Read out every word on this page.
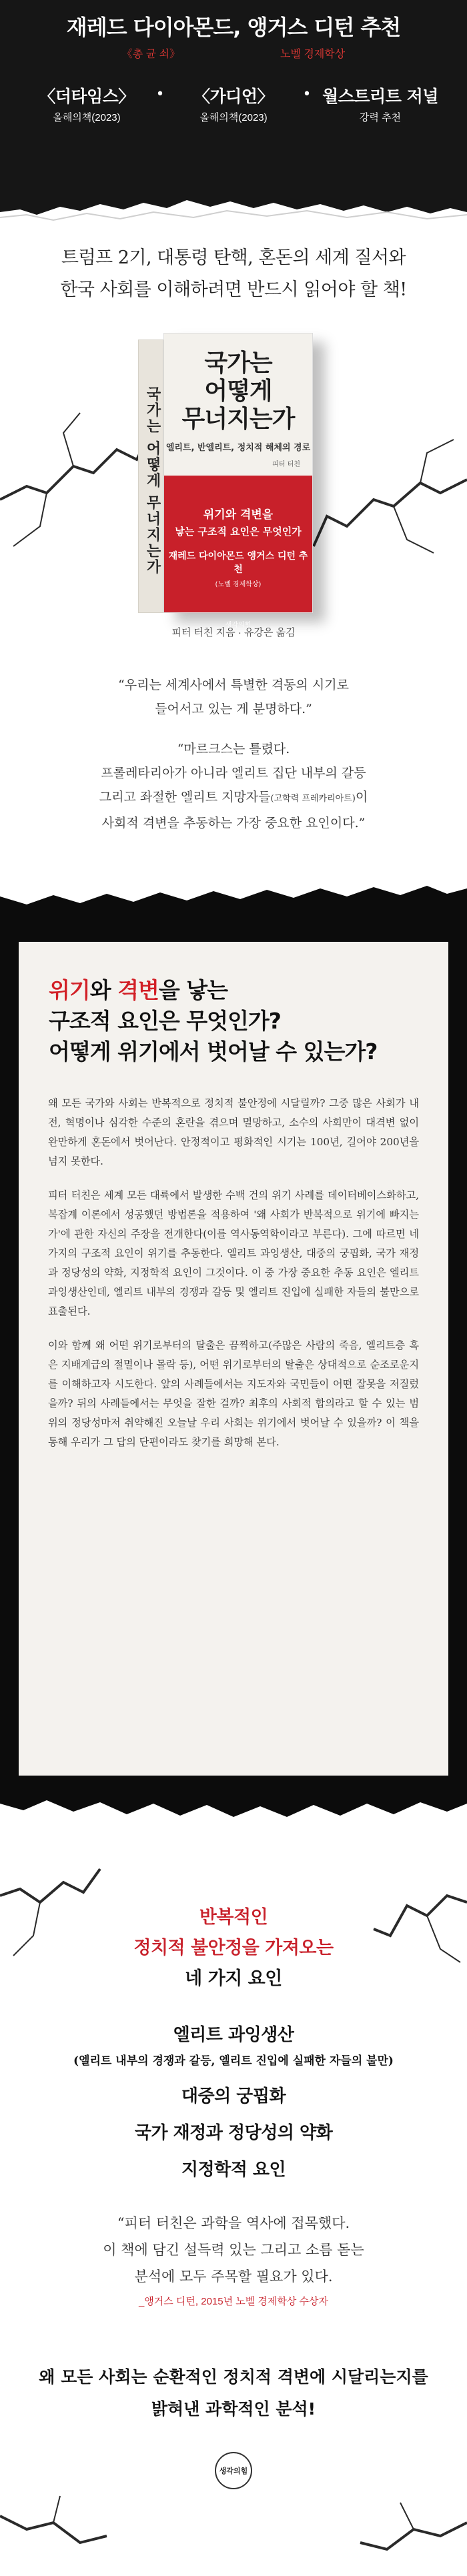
재레드 다이아몬드, 앵거스 디턴 추천
《총 균 쇠》	노벨 경제학상
〈더타임스〉
올해의책(2023)
•	〈가디언〉
올해의책(2023)
• 월스트리트 저널
강력 추천
트럼프 2기, 대통령 탄핵, 혼돈의 세계 질서와
한국 사회를 이해하려면 반드시 읽어야 할 책!
국가는 어떻게 무너지는가
국가는
어떻게
무너지는가
엘리트, 반엘리트, 정치적 해체의 경로
피터 터친
위기와 격변을
낳는 구조적 요인은 무엇인가
재레드 다이아몬드 앵거스 디턴 추천
(노벨 경제학상)
생각의힘
피터 터친 지음 · 유강은 옮김

“우리는 세계사에서 특별한 격동의 시기로
들어서고 있는 게 분명하다.”

“마르크스는 틀렸다.
프롤레타리아가 아니라 엘리트 집단 내부의 갈등
그리고 좌절한 엘리트 지망자들(고학력 프레카리아트)이
사회적 격변을 추동하는 가장 중요한 요인이다.”

위기와 격변을 낳는
구조적 요인은 무엇인가?
어떻게 위기에서 벗어날 수 있는가?

왜 모든 국가와 사회는 반복적으로 정치적 불안정에 시달릴까? 그중 많은 사회가 내전, 혁명이나 심각한 수준의 혼란을 겪으며 멸망하고, 소수의 사회만이 대격변 없이 완만하게 혼돈에서 벗어난다. 안정적이고 평화적인 시기는 100년, 길어야 200년을 넘지 못한다.

피터 터친은 세계 모든 대륙에서 발생한 수백 건의 위기 사례를 데이터베이스화하고, 복잡계 이론에서 성공했던 방법론을 적용하여 '왜 사회가 반복적으로 위기에 빠지는가'에 관한 자신의 주장을 전개한다(이를 역사동역학이라고 부른다). 그에 따르면 네 가지의 구조적 요인이 위기를 추동한다. 엘리트 과잉생산, 대중의 궁핍화, 국가 재정과 정당성의 약화, 지정학적 요인이 그것이다. 이 중 가장 중요한 추동 요인은 엘리트 과잉생산인데, 엘리트 내부의 경쟁과 갈등 및 엘리트 진입에 실패한 자들의 불만으로 표출된다.

이와 함께 왜 어떤 위기로부터의 탈출은 끔찍하고(주많은 사람의 죽음, 엘리트층 혹은 지배계급의 절멸이나 몰락 등), 어떤 위기로부터의 탈출은 상대적으로 순조로운지를 이해하고자 시도한다. 앞의 사례들에서는 지도자와 국민들이 어떤 잘못을 저질렀을까? 뒤의 사례들에서는 무엇을 잘한 걸까? 최후의 사회적 합의라고 할 수 있는 범위의 정당성마저 취약해진 오늘날 우리 사회는 위기에서 벗어날 수 있을까? 이 책을 통해 우리가 그 답의 단편이라도 찾기를 희망해 본다.

반복적인
정치적 불안정을 가져오는
네 가지 요인
엘리트 과잉생산
(엘리트 내부의 경쟁과 갈등, 엘리트 진입에 실패한 자들의 불만)
대중의 궁핍화
국가 재정과 정당성의 약화
지정학적 요인
“피터 터친은 과학을 역사에 접목했다.
이 책에 담긴 설득력 있는 그리고 소름 돋는
분석에 모두 주목할 필요가 있다.
_앵거스 디턴, 2015년 노벨 경제학상 수상자
왜 모든 사회는 순환적인 정치적 격변에 시달리는지를
밝혀낸 과학적인 분석!
생각의힘
